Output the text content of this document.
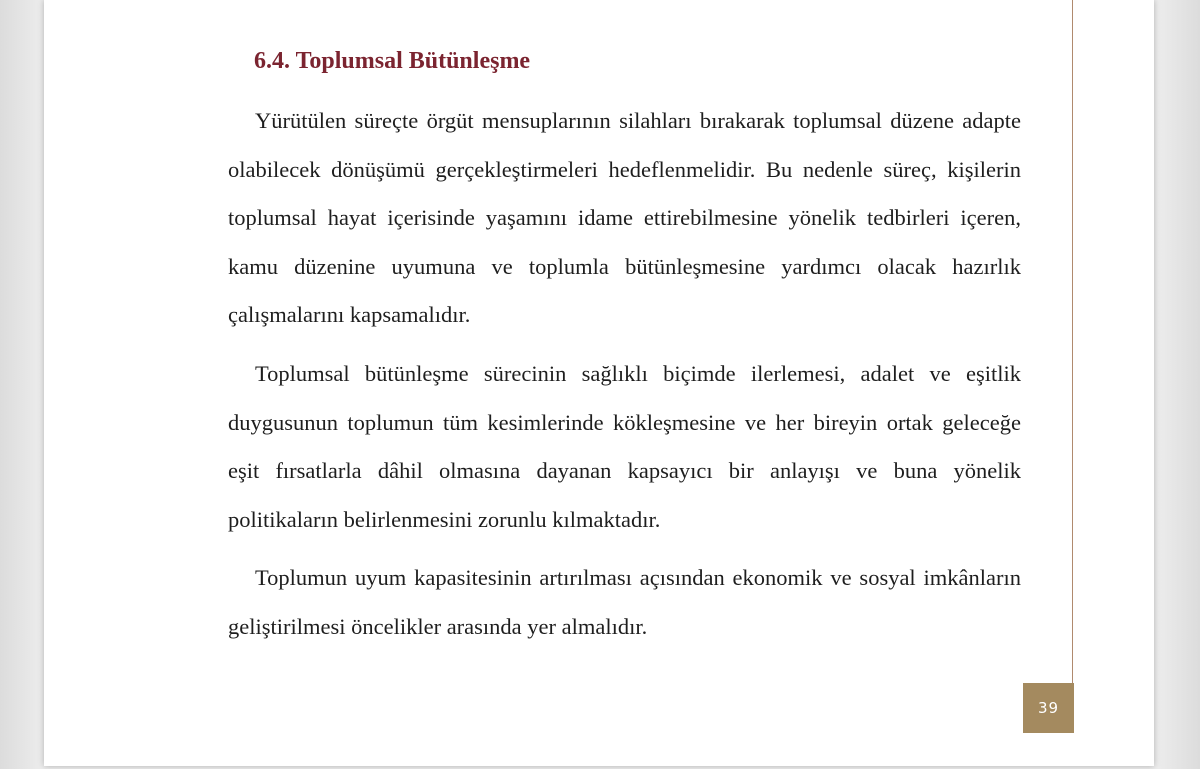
6.4. Toplumsal Bütünleşme

Yürütülen süreçte örgüt mensuplarının silahları bırakarak toplumsal düzene adapte olabilecek dönüşümü gerçekleştirmeleri hedeflenmelidir. Bu nedenle süreç, kişilerin toplumsal hayat içerisinde yaşamını idame ettirebilmesine yönelik tedbirleri içeren, kamu düzenine uyumuna ve toplumla bütünleşmesine yardımcı olacak hazırlık çalışmalarını kapsamalıdır.

Toplumsal bütünleşme sürecinin sağlıklı biçimde ilerlemesi, adalet ve eşitlik duygusunun toplumun tüm kesimlerinde kökleşmesine ve her bireyin ortak geleceğe eşit fırsatlarla dâhil olmasına dayanan kapsayıcı bir anlayışı ve buna yönelik politikaların belirlenmesini zorunlu kılmaktadır.

Toplumun uyum kapasitesinin artırılması açısından ekonomik ve sosyal imkânların geliştirilmesi öncelikler arasında yer almalıdır.

39
